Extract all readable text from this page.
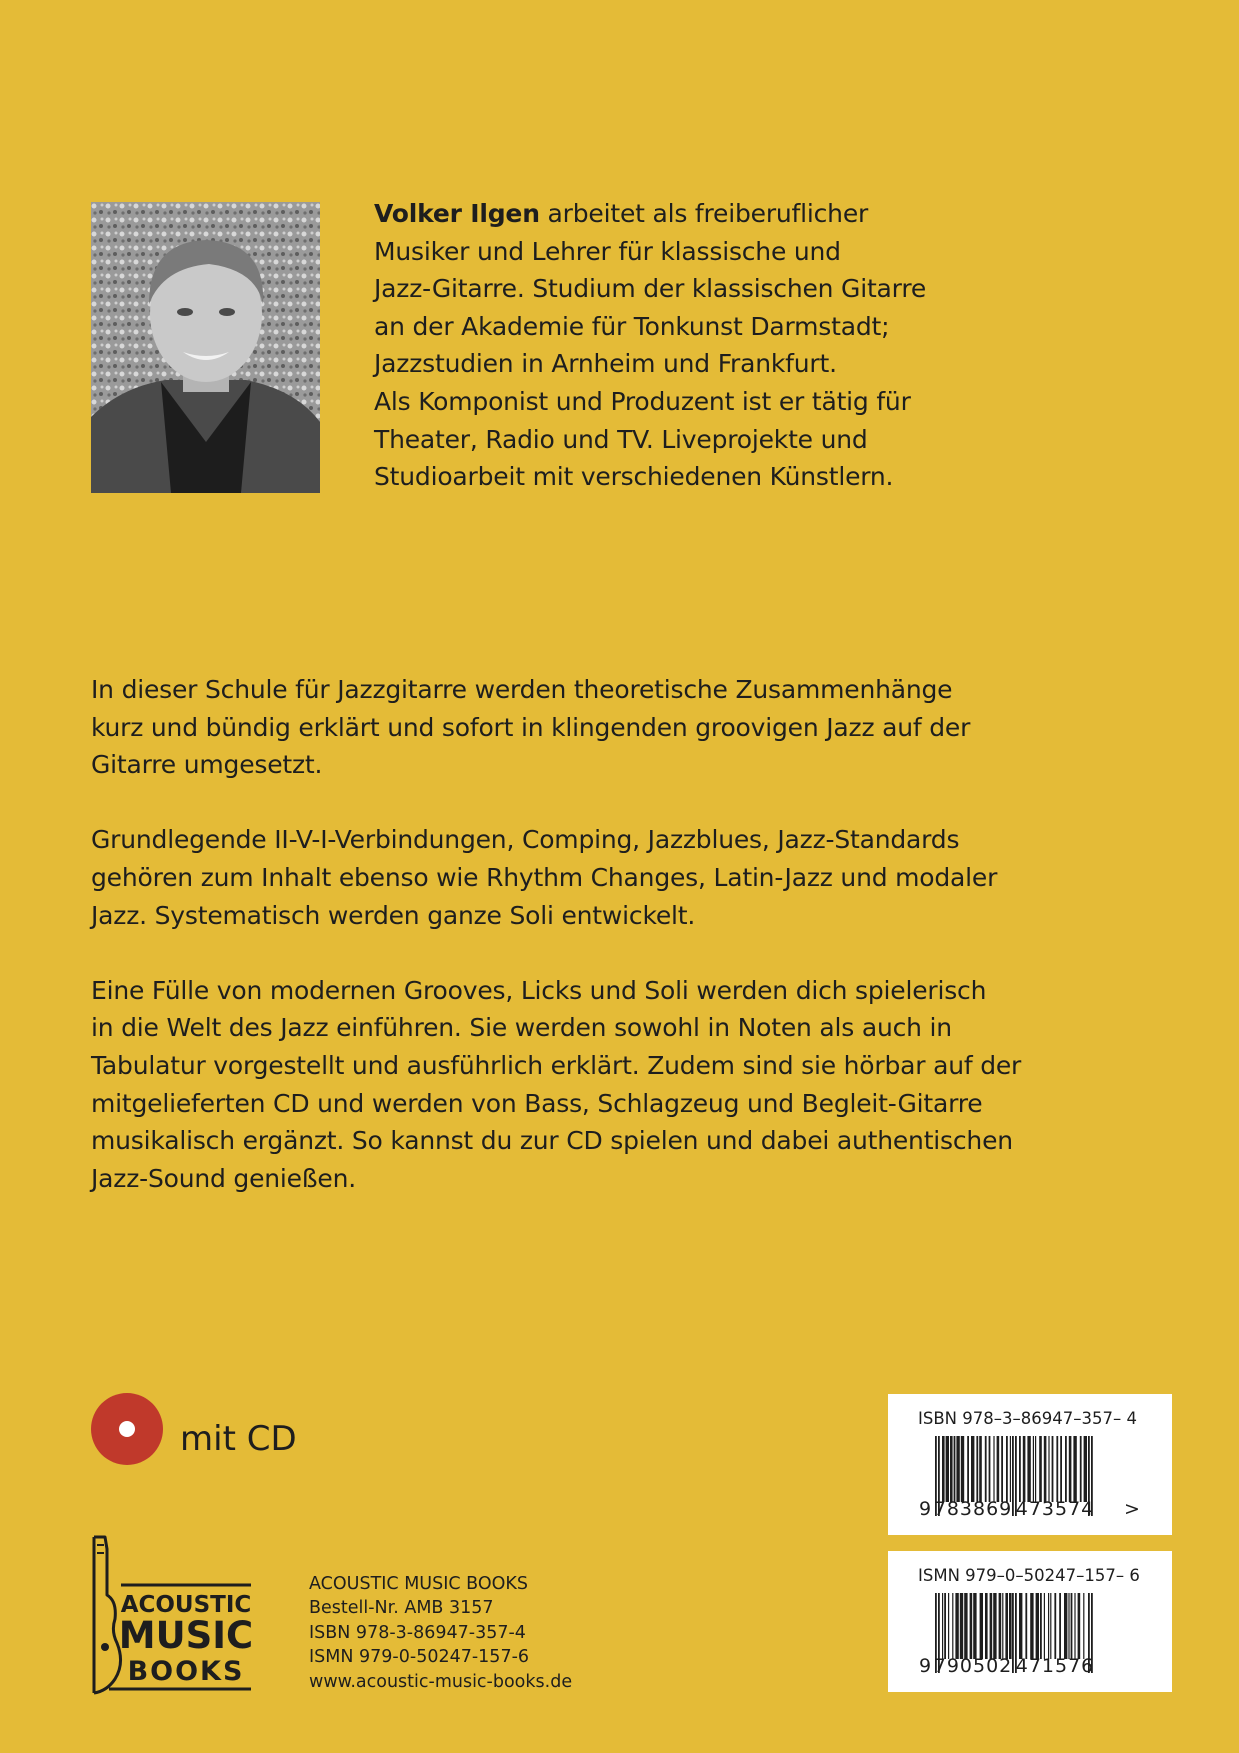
Volker Ilgen arbeitet als freiberuflicher
Musiker und Lehrer für klassische und
Jazz-Gitarre. Studium der klassischen Gitarre
an der Akademie für Tonkunst Darmstadt;
Jazzstudien in Arnheim und Frankfurt.
Als Komponist und Produzent ist er tätig für
Theater, Radio und TV. Liveprojekte und
Studioarbeit mit verschiedenen Künstlern.

In dieser Schule für Jazzgitarre werden theoretische Zusammenhänge
kurz und bündig erklärt und sofort in klingenden groovigen Jazz auf der
Gitarre umgesetzt.

Grundlegende II-V-I-Verbindungen, Comping, Jazzblues, Jazz-Standards
gehören zum Inhalt ebenso wie Rhythm Changes, Latin-Jazz und modaler
Jazz. Systematisch werden ganze Soli entwickelt.

Eine Fülle von modernen Grooves, Licks und Soli werden dich spielerisch
in die Welt des Jazz einführen. Sie werden sowohl in Noten als auch in
Tabulatur vorgestellt und ausführlich erklärt. Zudem sind sie hörbar auf der
mitgelieferten CD und werden von Bass, Schlagzeug und Begleit-Gitarre
musikalisch ergänzt. So kannst du zur CD spielen und dabei authentischen
Jazz-Sound genießen.

mit CD
ACOUSTIC
MUSIC
BOOKS
ACOUSTIC MUSIC BOOKS
Bestell-Nr. AMB 3157
ISBN 978-3-86947-357-4
ISMN 979-0-50247-157-6
www.acoustic-music-books.de
ISBN 978–3–86947–357– 4
9 783869 473574 >
ISMN 979–0–50247–157– 6
9 790502 471576
